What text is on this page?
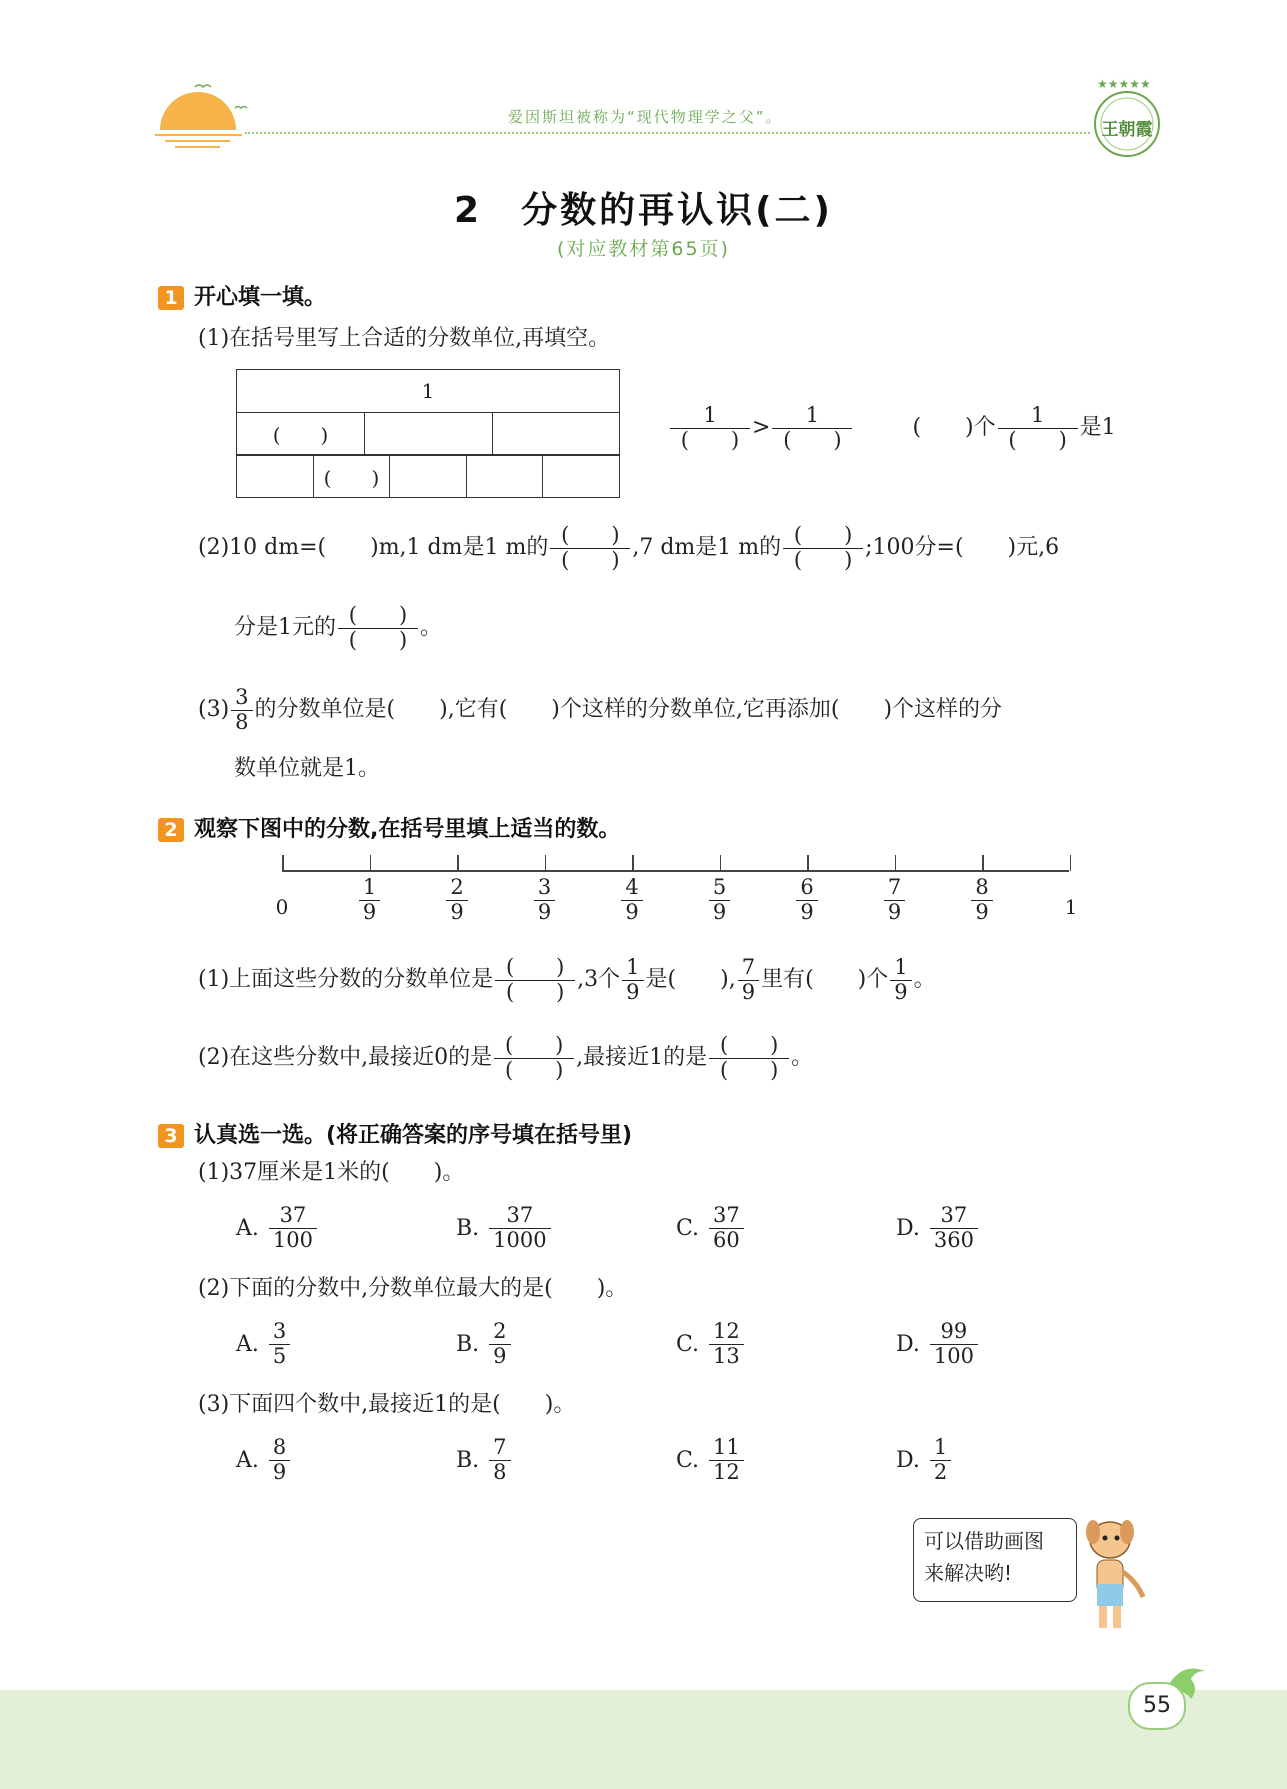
爱因斯坦被称为“现代物理学之父”。
★★★★★
王朝霞
2　分数的再认识(二)
(对应教材第65页)
1 开心填一填。
(1)在括号里写上合适的分数单位,再填空。
1
(　　)		
	(　　)			
$\frac{1}{( )} > \frac{1}{( )}$	(　　)个 $\frac{1}{( )}$ 是1
(2)10 dm=(　　)m,1 dm是1 m的 $\frac{( )}{( )} ,7$ dm是1 m的 $\frac{( )}{( )}$ ;100分=(　　)元,6
分是1元的 $\frac{( )}{( )}$ 。
$(3) \frac{3}{8}$ 的分数单位是(　　),它有(　　)个这样的分数单位,它再添加(　　)个这样的分
数单位就是1。
2 观察下图中的分数,在括号里填上适当的数。
0	1
$\frac{1}{9}$	$\frac{2}{9}$	$\frac{3}{9}$	$\frac{4}{9}$	$\frac{5}{9}$	$\frac{6}{9}$	$\frac{7}{9}$	$\frac{8}{9}$
(1)上面这些分数的分数单位是 $\frac{( )}{( )} ,3$个 $\frac{1}{9}$ 是(　　), $\frac{7}{9}$ 里有(　　)个 $\frac{1}{9}$ 。
(2)在这些分数中,最接近0的是 $\frac{( )}{( )}$ ,最接近1的是 $\frac{( )}{( )}$ 。
3 认真选一选。(将正确答案的序号填在括号里)
(1)37厘米是1米的(　　)。
A. $\frac{37}{100}$	B. $\frac{37}{1000}$	C. $\frac{37}{60}$	D. $\frac{37}{360}$
(2)下面的分数中,分数单位最大的是(　　)。
A. $\frac{3}{5}$	B. $\frac{2}{9}$	C. $\frac{12}{13}$	D. $\frac{99}{100}$
(3)下面四个数中,最接近1的是(　　)。
A. $\frac{8}{9}$	B. $\frac{7}{8}$	C. $\frac{11}{12}$	D. $\frac{1}{2}$
可以借助画图
来解决哟!
55
